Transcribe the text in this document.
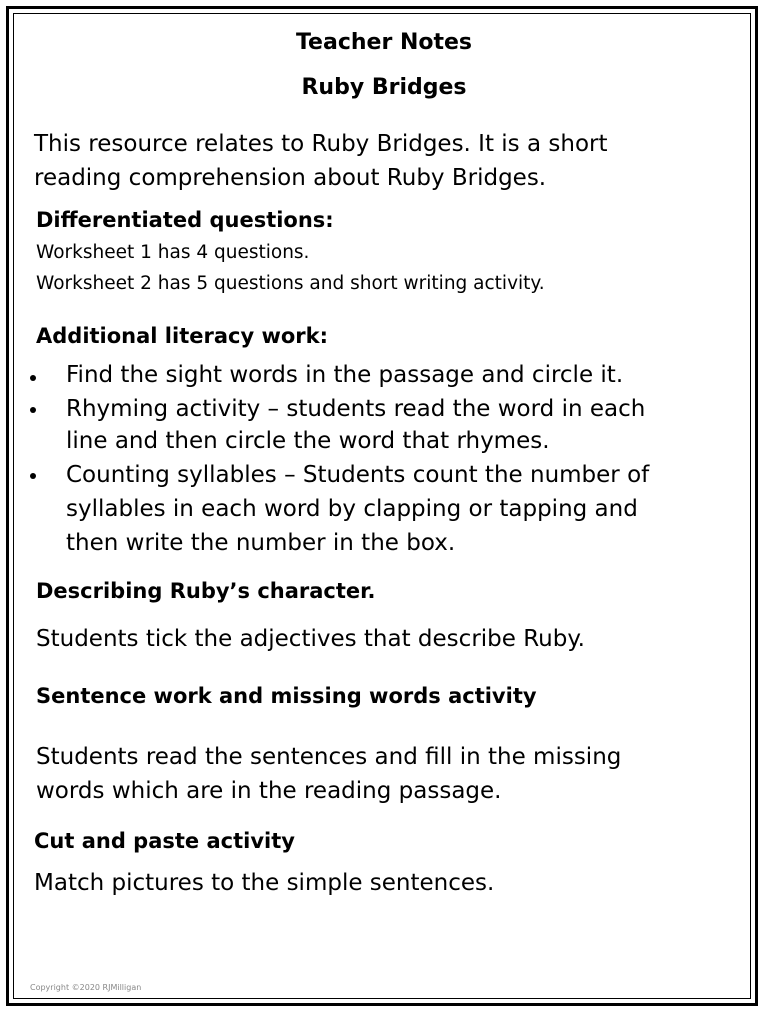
Teacher Notes
Ruby Bridges
This resource relates to Ruby Bridges. It is a short
reading comprehension about Ruby Bridges.
Differentiated questions:
Worksheet 1 has 4 questions.
Worksheet 2 has 5 questions and short writing activity.
Additional literacy work:
Find the sight words in the passage and circle it.
Rhyming activity – students read the word in each
line and then circle the word that rhymes.
Counting syllables – Students count the number of
syllables in each word by clapping or tapping and
then write the number in the box.
Describing Ruby’s character.
Students tick the adjectives that describe Ruby.
Sentence work and missing words activity
Students read the sentences and fill in the missing
words which are in the reading passage.
Cut and paste activity
Match pictures to the simple sentences.
Copyright ©2020 RJMilligan
